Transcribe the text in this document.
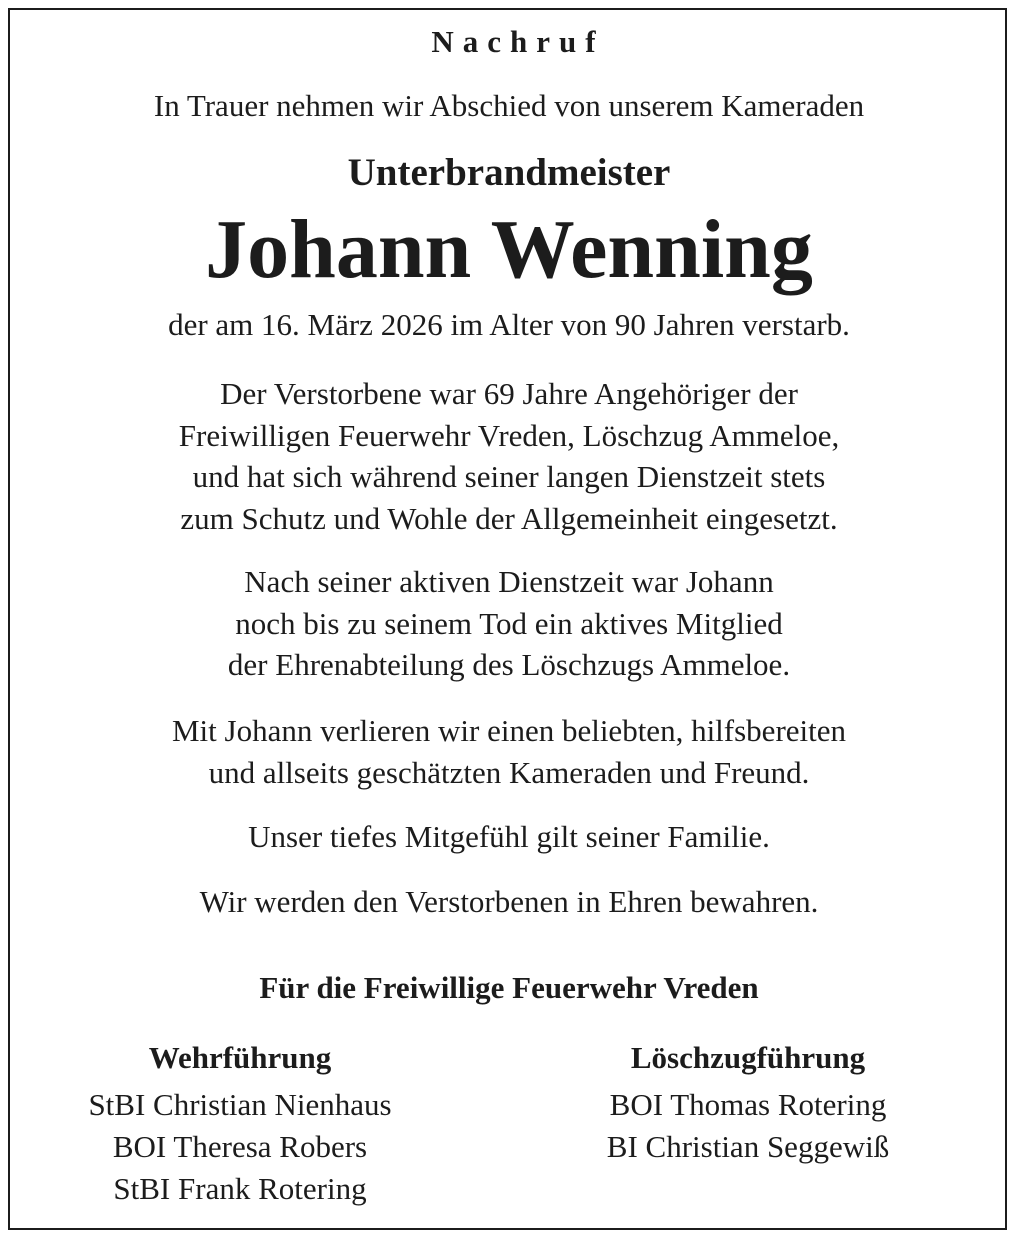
Nachruf

In Trauer nehmen wir Abschied von unserem Kameraden

Unterbrandmeister

Johann Wenning

der am 16. März 2026 im Alter von 90 Jahren verstarb.

Der Verstorbene war 69 Jahre Angehöriger der
Freiwilligen Feuerwehr Vreden, Löschzug Ammeloe,
und hat sich während seiner langen Dienstzeit stets
zum Schutz und Wohle der Allgemeinheit eingesetzt.
Nach seiner aktiven Dienstzeit war Johann
noch bis zu seinem Tod ein aktives Mitglied
der Ehrenabteilung des Löschzugs Ammeloe.
Mit Johann verlieren wir einen beliebten, hilfsbereiten
und allseits geschätzten Kameraden und Freund.
Unser tiefes Mitgefühl gilt seiner Familie.
Wir werden den Verstorbenen in Ehren bewahren.

Für die Freiwillige Feuerwehr Vreden

Wehrführung
StBI Christian Nienhaus
BOI Theresa Robers
StBI Frank Rotering
Löschzugführung
BOI Thomas Rotering
BI Christian Seggewiß
